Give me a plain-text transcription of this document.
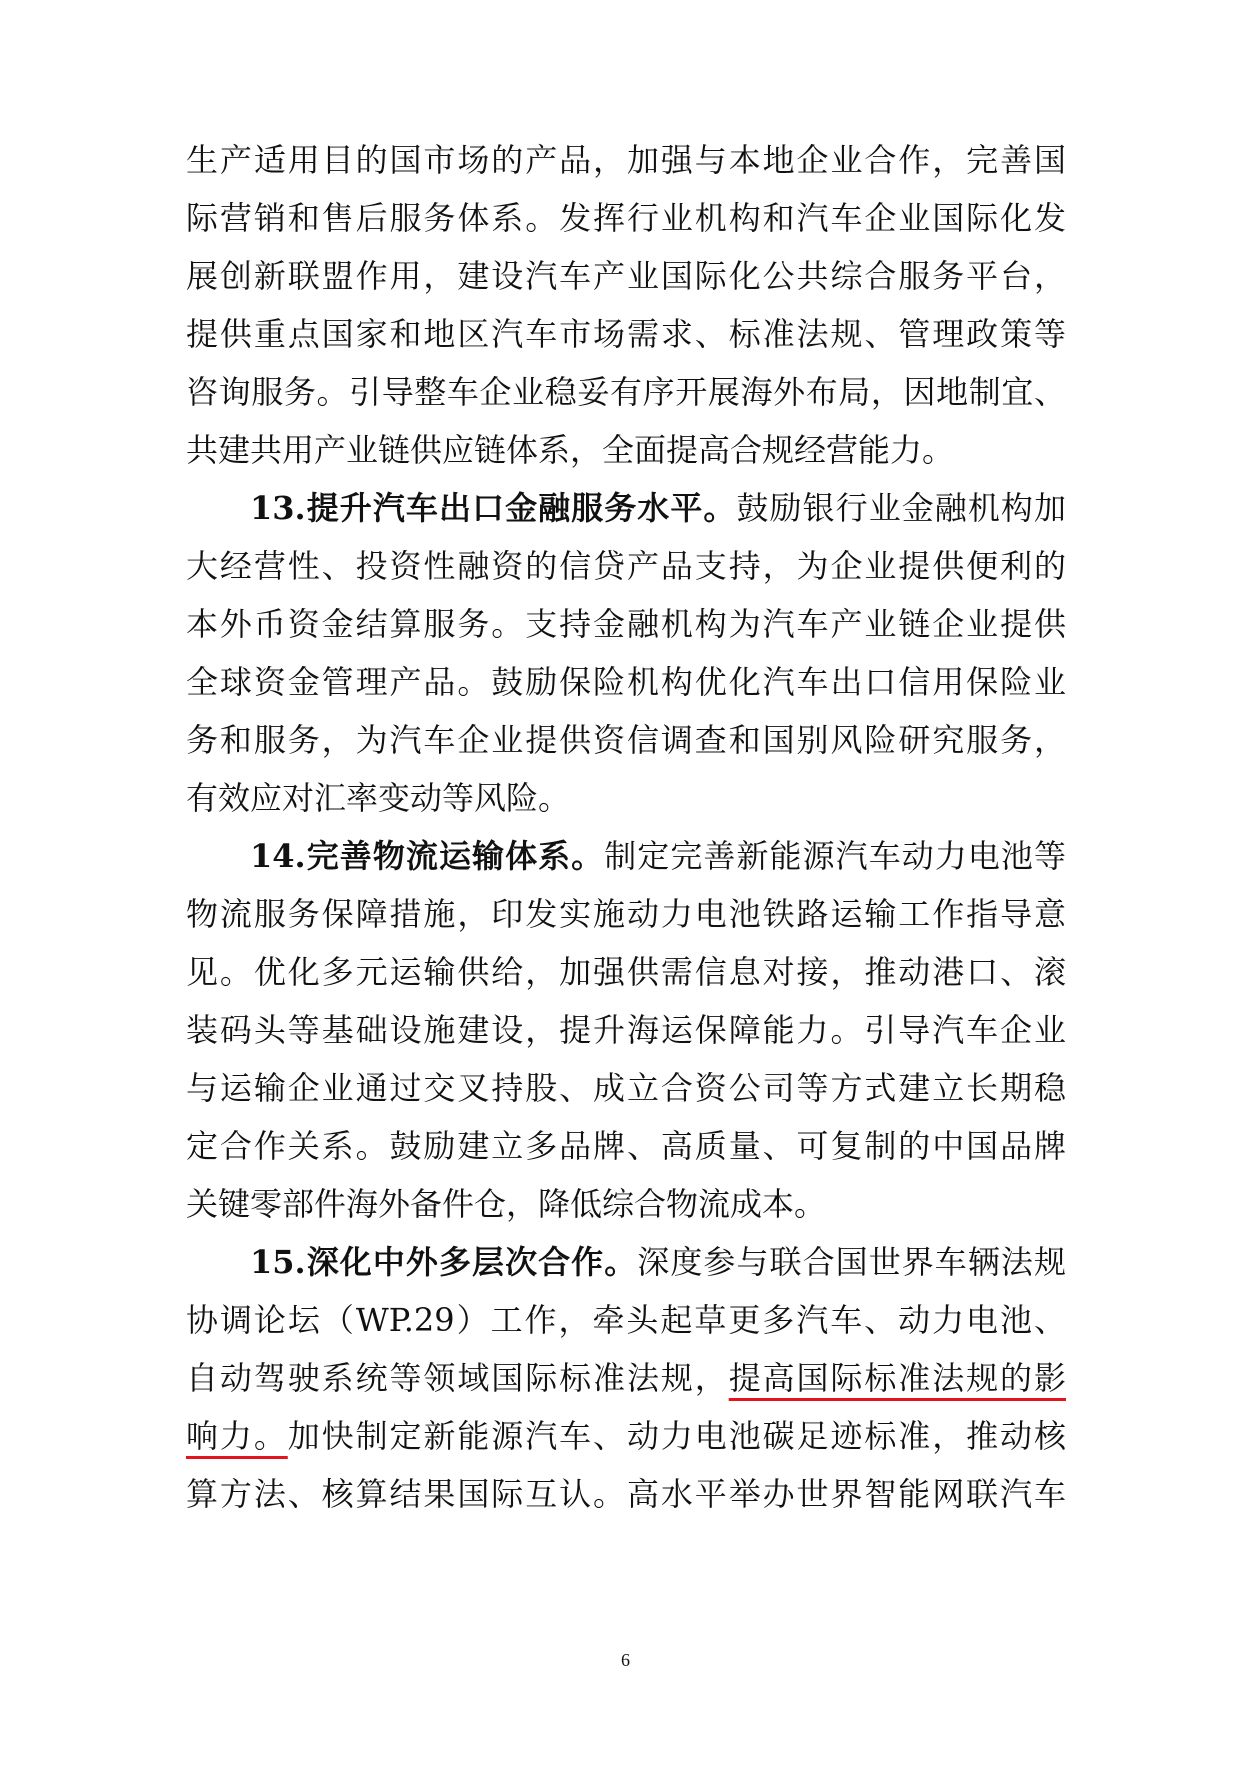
生产适用目的国市场的产品，加强与本地企业合作，完善国
际营销和售后服务体系。发挥行业机构和汽车企业国际化发
展创新联盟作用，建设汽车产业国际化公共综合服务平台，
提供重点国家和地区汽车市场需求、标准法规、管理政策等
咨询服务。引导整车企业稳妥有序开展海外布局，因地制宜、
共建共用产业链供应链体系，全面提高合规经营能力。
13.提升汽车出口金融服务水平。鼓励银行业金融机构加
大经营性、投资性融资的信贷产品支持，为企业提供便利的
本外币资金结算服务。支持金融机构为汽车产业链企业提供
全球资金管理产品。鼓励保险机构优化汽车出口信用保险业
务和服务，为汽车企业提供资信调查和国别风险研究服务，
有效应对汇率变动等风险。
14.完善物流运输体系。制定完善新能源汽车动力电池等
物流服务保障措施，印发实施动力电池铁路运输工作指导意
见。优化多元运输供给，加强供需信息对接，推动港口、滚
装码头等基础设施建设，提升海运保障能力。引导汽车企业
与运输企业通过交叉持股、成立合资公司等方式建立长期稳
定合作关系。鼓励建立多品牌、高质量、可复制的中国品牌
关键零部件海外备件仓，降低综合物流成本。
15.深化中外多层次合作。深度参与联合国世界车辆法规
协调论坛（WP.29）工作，牵头起草更多汽车、动力电池、
自动驾驶系统等领域国际标准法规，提高国际标准法规的影
响力。加快制定新能源汽车、动力电池碳足迹标准，推动核
算方法、核算结果国际互认。高水平举办世界智能网联汽车
6
